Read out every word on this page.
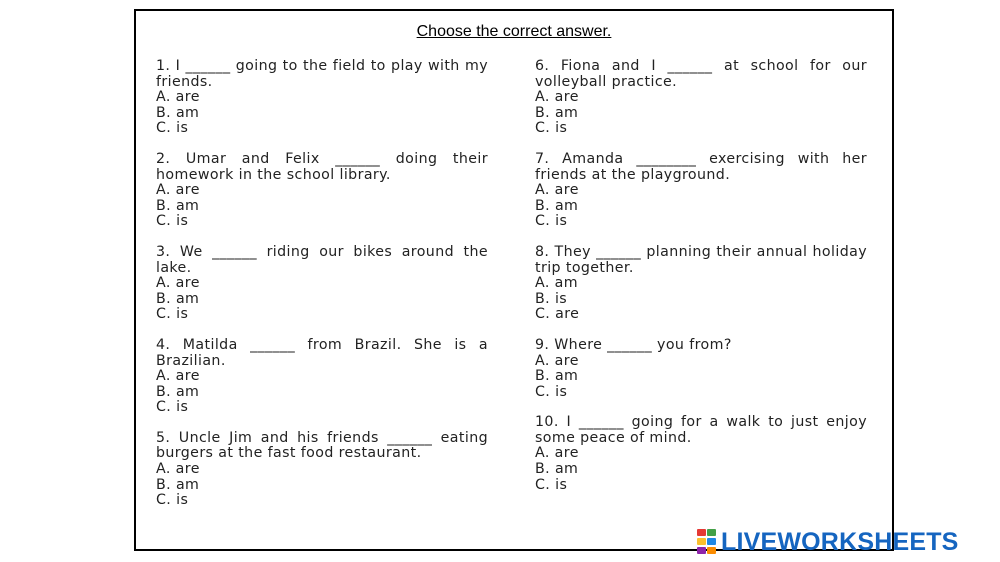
Choose the correct answer.
1. I ______ going to the field to play with my friends.
A. are
B. am
C. is
2. Umar and Felix ______ doing their homework in the school library.
A. are
B. am
C. is
3. We ______ riding our bikes around the lake.
A. are
B. am
C. is
4. Matilda ______ from Brazil. She is a Brazilian.
A. are
B. am
C. is
5. Uncle Jim and his friends ______ eating burgers at the fast food restaurant.
A. are
B. am
C. is
6. Fiona and I ______ at school for our volleyball practice.
A. are
B. am
C. is
7. Amanda ________ exercising with her friends at the playground.
A. are
B. am
C. is
8. They ______ planning their annual holiday trip together.
A. am
B. is
C. are
9. Where ______ you from?
A. are
B. am
C. is
10. I ______ going for a walk to just enjoy some peace of mind.
A. are
B. am
C. is
LIVEWORKSHEETS
